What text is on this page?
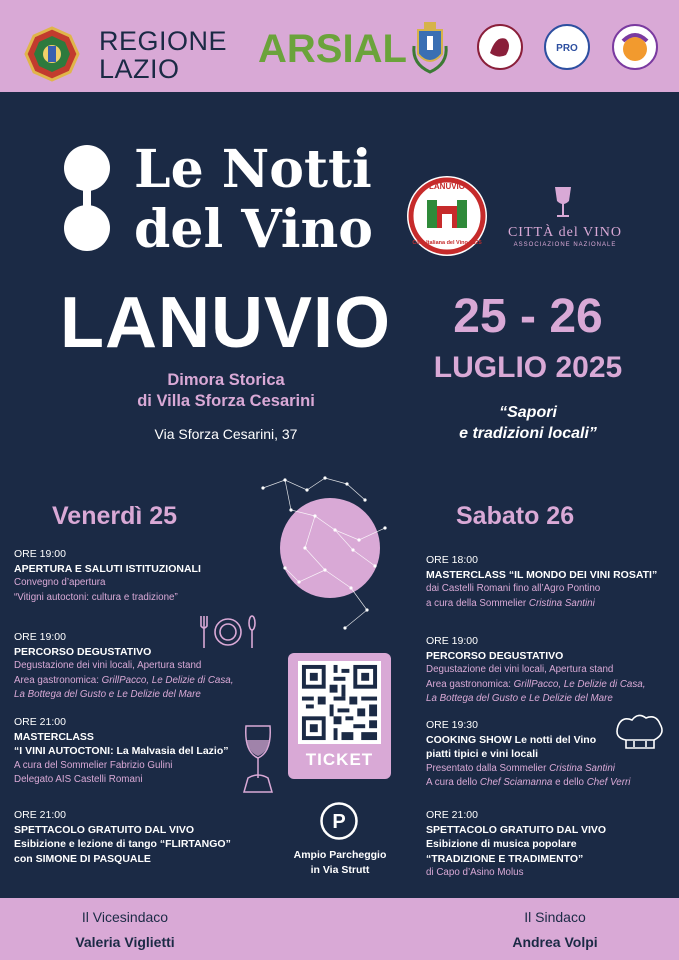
REGIONE
LAZIO	ARSIAL	PRO
Le Notti
del Vino
LANUVIO
Città Italiana del Vino 2025
CITTÀ del VINO
ASSOCIAZIONE NAZIONALE
LANUVIO
Dimora Storica
di Villa Sforza Cesarini
Via Sforza Cesarini, 37
25 - 26
LUGLIO 2025
“Sapori
e tradizioni locali”
Venerdì 25	Sabato 26
ORE 19:00
APERTURA E SALUTI ISTITUZIONALI
Convegno d’apertura
“Vitigni autoctoni: cultura e tradizione”
ORE 19:00
PERCORSO DEGUSTATIVO
Degustazione dei vini locali, Apertura stand
Area gastronomica: GrillPacco, Le Delizie di Casa,
La Bottega del Gusto e Le Delizie del Mare
ORE 21:00
MASTERCLASS
“I VINI AUTOCTONI: La Malvasia del Lazio”
A cura del Sommelier Fabrizio Gulini
Delegato AIS Castelli Romani
ORE 21:00
SPETTACOLO GRATUITO DAL VIVO
Esibizione e lezione di tango “FLIRTANGO”
con SIMONE DI PASQUALE
TICKET
P
Ampio Parcheggio
in Via Strutt
ORE 18:00
MASTERCLASS “IL MONDO DEI VINI ROSATI”
dai Castelli Romani fino all’Agro Pontino
a cura della Sommelier Cristina Santini
ORE 19:00
PERCORSO DEGUSTATIVO
Degustazione dei vini locali, Apertura stand
Area gastronomica: GrillPacco, Le Delizie di Casa,
La Bottega del Gusto e Le Delizie del Mare
ORE 19:30
COOKING SHOW Le notti del Vino
piatti tipici e vini locali
Presentato dalla Sommelier Cristina Santini
A cura dello Chef Sciamanna e dello Chef Verri
ORE 21:00
SPETTACOLO GRATUITO DAL VIVO
Esibizione di musica popolare
“TRADIZIONE E TRADIMENTO”
di Capo d’Asino Molus
Il Vicesindaco
Valeria Viglietti
Il Sindaco
Andrea Volpi
